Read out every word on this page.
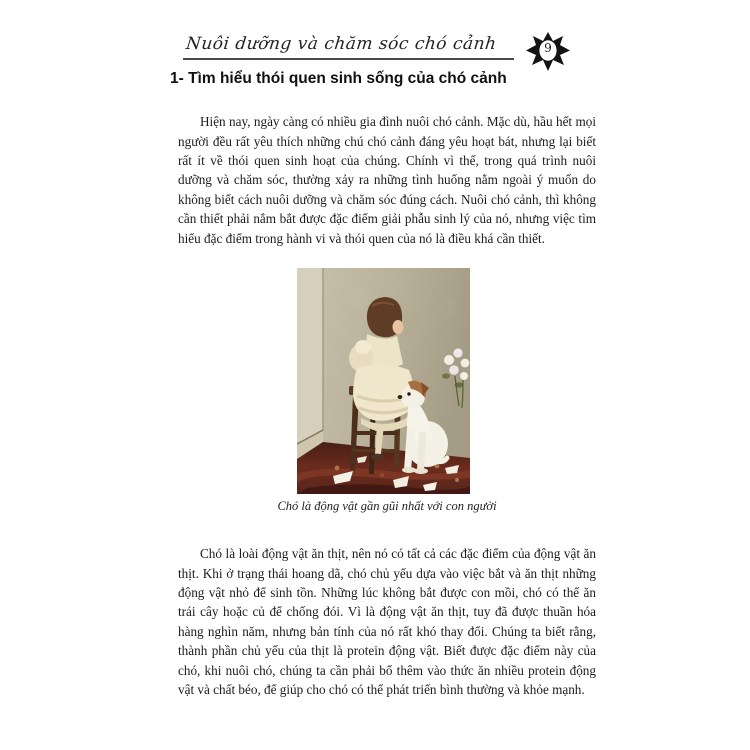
Nuôi dưỡng và chăm sóc chó cảnh	9
1- Tìm hiểu thói quen sinh sống của chó cảnh

Hiện nay, ngày càng có nhiều gia đình nuôi chó cảnh. Mặc dù, hầu hết mọi người đều rất yêu thích những chú chó cảnh đáng yêu hoạt bát, nhưng lại biết rất ít về thói quen sinh hoạt của chúng. Chính vì thế, trong quá trình nuôi dưỡng và chăm sóc, thường xảy ra những tình huống nằm ngoài ý muốn do không biết cách nuôi dưỡng và chăm sóc đúng cách. Nuôi chó cảnh, thì không cần thiết phải nắm bắt được đặc điểm giải phẫu sinh lý của nó, nhưng việc tìm hiểu đặc điểm trong hành vi và thói quen của nó là điều khá cần thiết.

Chó là động vật gần gũi nhất với con người

Chó là loài động vật ăn thịt, nên nó có tất cả các đặc điểm của động vật ăn thịt. Khi ở trạng thái hoang dã, chó chủ yếu dựa vào việc bắt và ăn thịt những động vật nhỏ để sinh tồn. Những lúc không bắt được con mồi, chó có thể ăn trái cây hoặc củ để chống đói. Vì là động vật ăn thịt, tuy đã được thuần hóa hàng nghìn năm, nhưng bản tính của nó rất khó thay đổi. Chúng ta biết rằng, thành phần chủ yếu của thịt là protein động vật. Biết được đặc điểm này của chó, khi nuôi chó, chúng ta cần phải bổ thêm vào thức ăn nhiều protein động vật và chất béo, để giúp cho chó có thể phát triển bình thường và khỏe mạnh.
